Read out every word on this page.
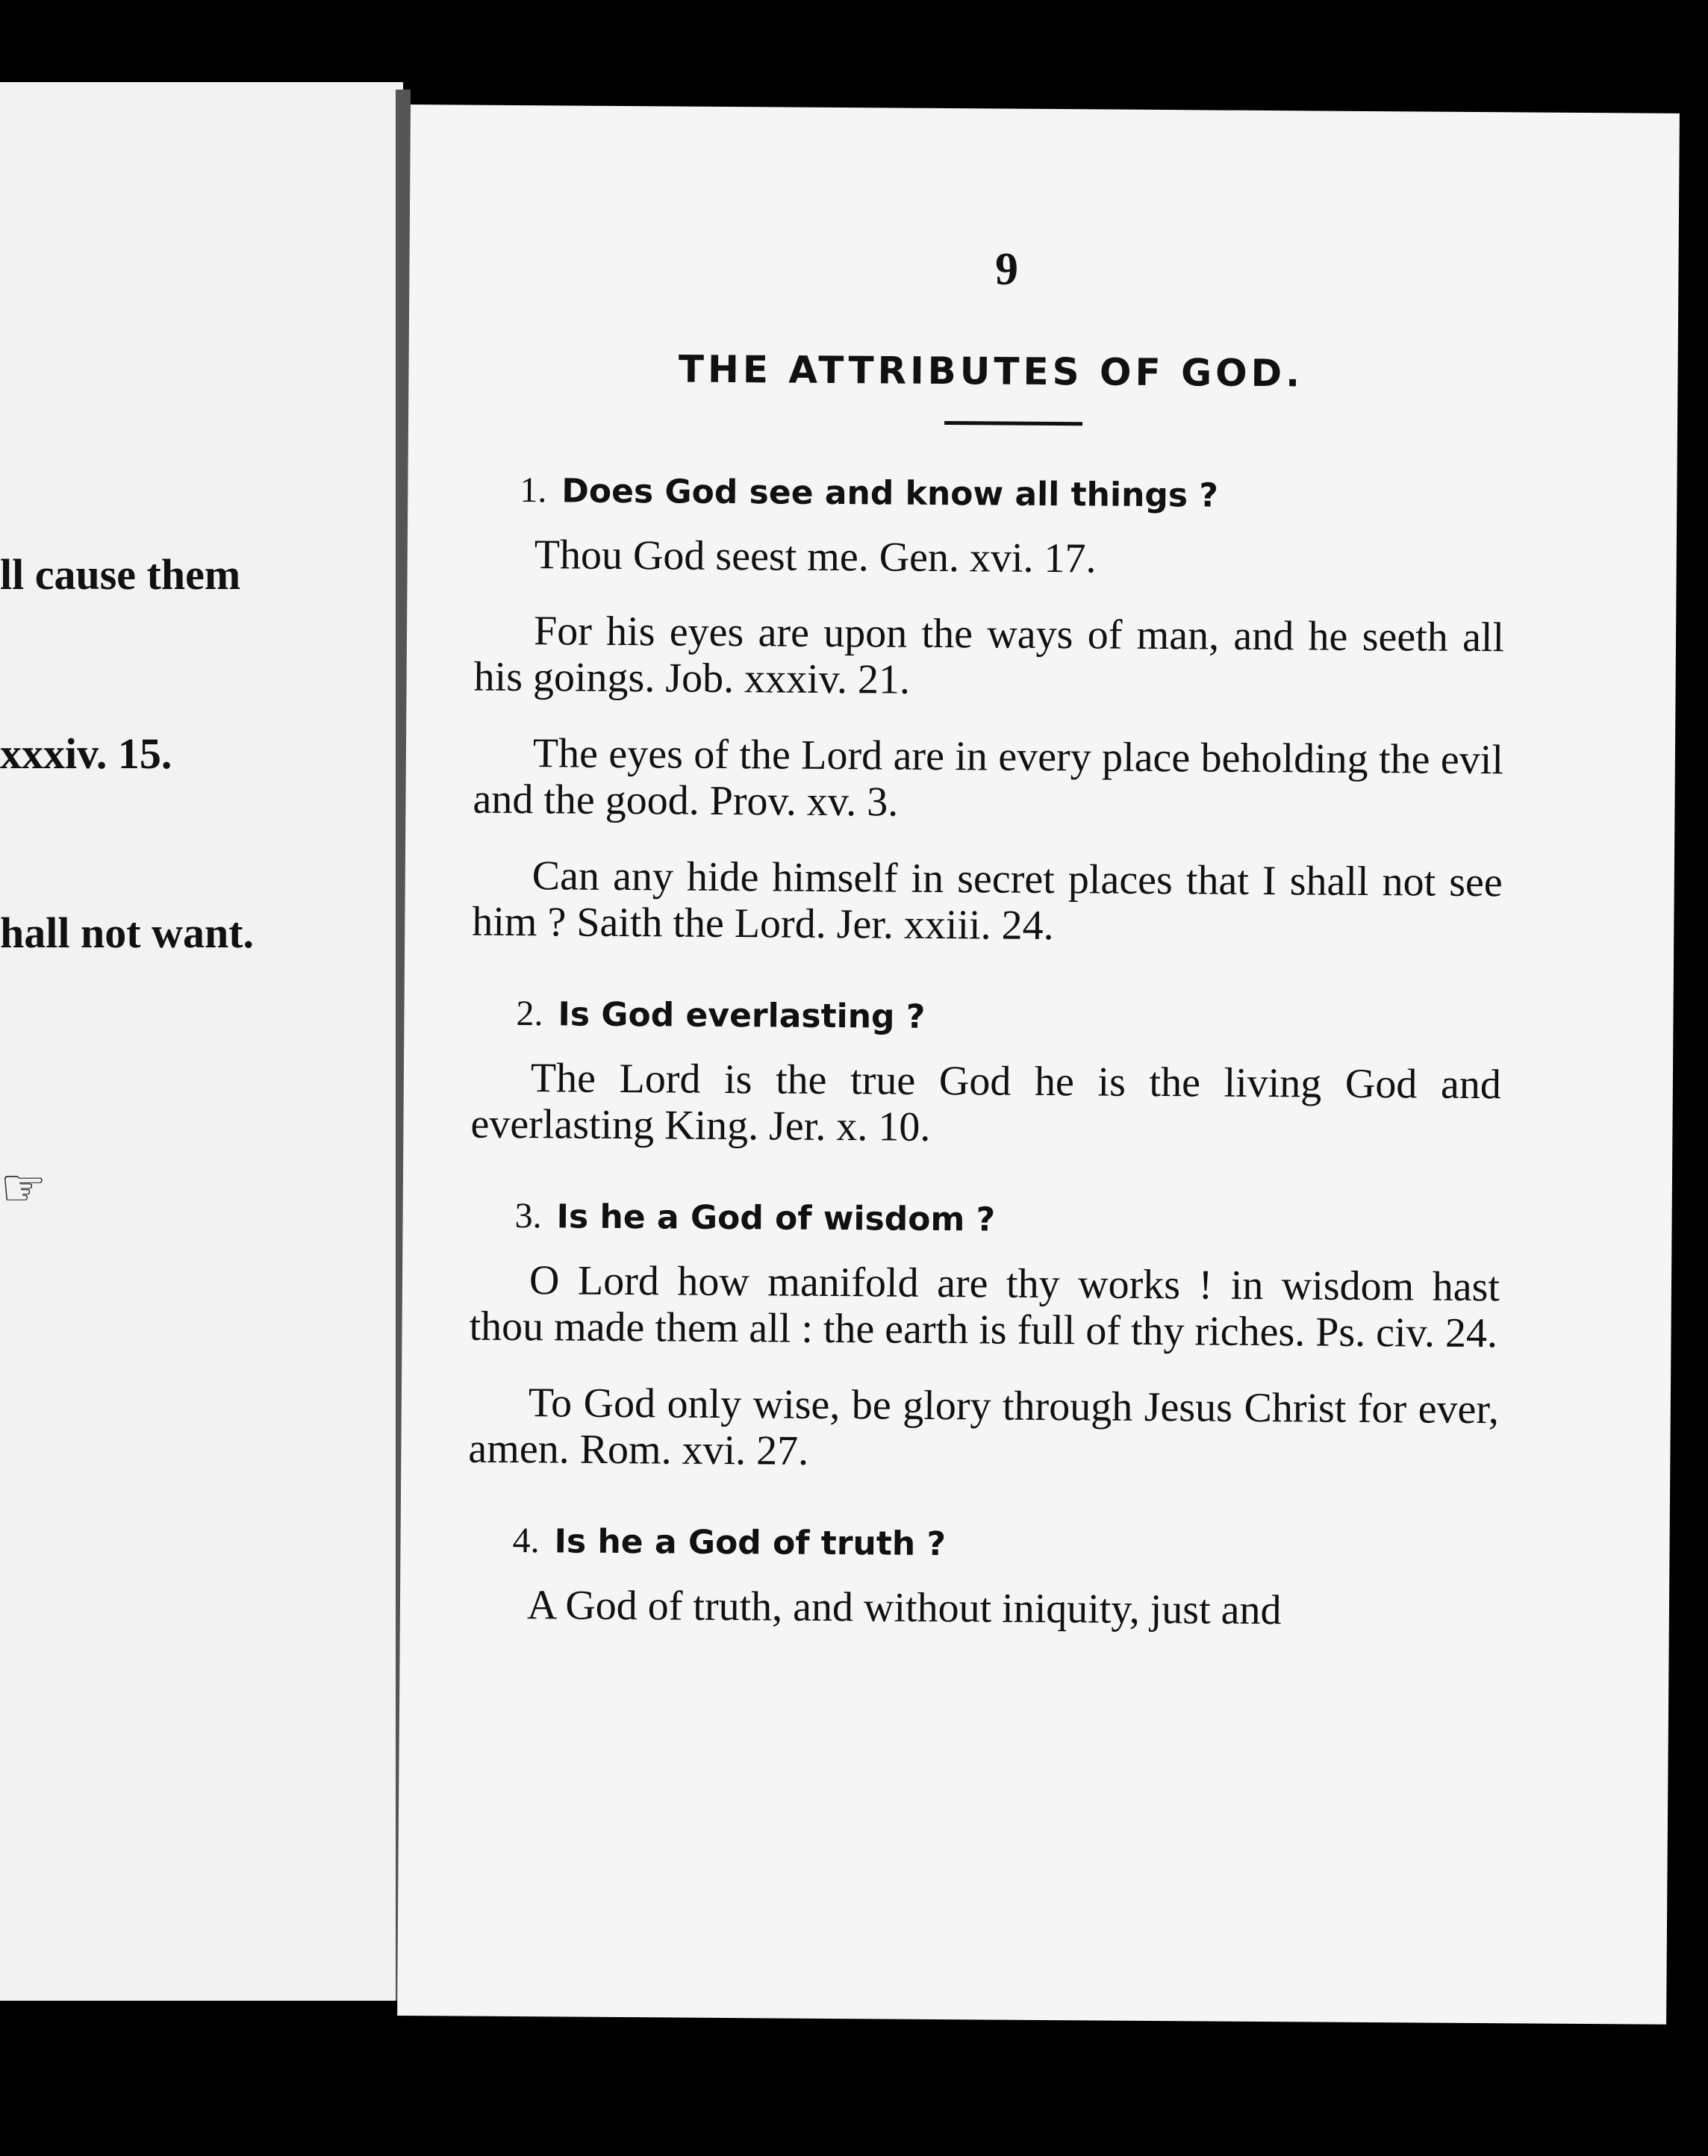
ll cause them

xxxiv. 15.

hall not want.

☞
9
THE ATTRIBUTES OF GOD.
1. Does God see and know all things ?
Thou God seest me. Gen. xvi. 17.
For his eyes are upon the ways of man, and he seeth all his goings. Job. xxxiv. 21.
The eyes of the Lord are in every place beholding the evil and the good. Prov. xv. 3.
Can any hide himself in secret places that I shall not see him ? Saith the Lord. Jer. xxiii. 24.
2. Is God everlasting ?
The Lord is the true God he is the living God and everlasting King. Jer. x. 10.
3. Is he a God of wisdom ?
O Lord how manifold are thy works ! in wisdom hast thou made them all : the earth is full of thy riches. Ps. civ. 24.
To God only wise, be glory through Jesus Christ for ever, amen. Rom. xvi. 27.
4. Is he a God of truth ?
A God of truth, and without iniquity, just and
